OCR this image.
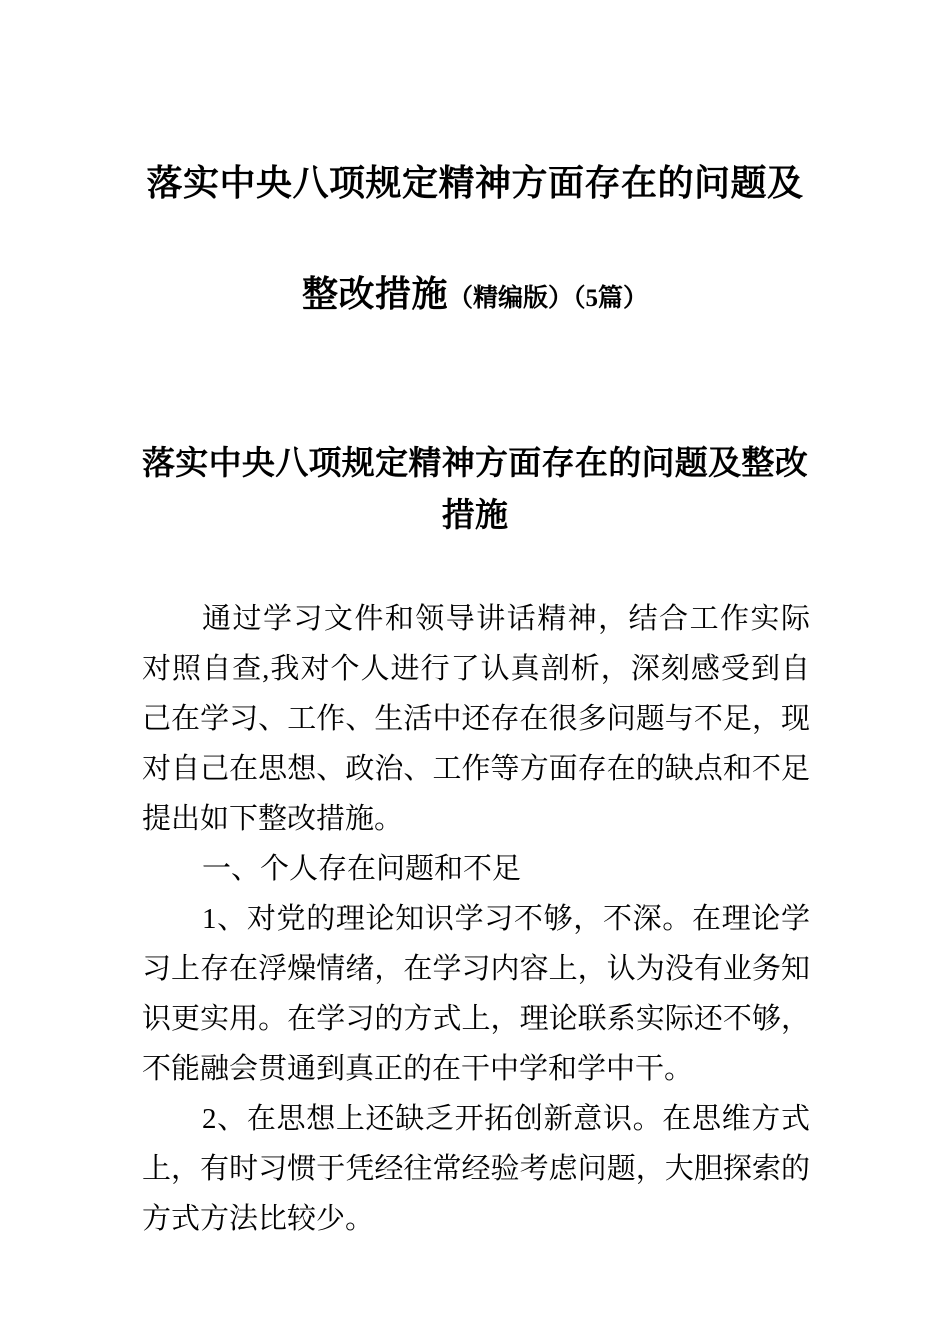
落实中央八项规定精神方面存在的问题及整改措施（精编版）（5篇）
落实中央八项规定精神方面存在的问题及整改措施

通过学习文件和领导讲话精神，结合工作实际对照自查,我对个人进行了认真剖析，深刻感受到自己在学习、工作、生活中还存在很多问题与不足，现对自己在思想、政治、工作等方面存在的缺点和不足提出如下整改措施。

一、个人存在问题和不足

1、对党的理论知识学习不够，不深。在理论学习上存在浮燥情绪，在学习内容上，认为没有业务知识更实用。在学习的方式上，理论联系实际还不够，不能融会贯通到真正的在干中学和学中干。

2、在思想上还缺乏开拓创新意识。在思维方式上，有时习惯于凭经往常经验考虑问题，大胆探索的方式方法比较少。
